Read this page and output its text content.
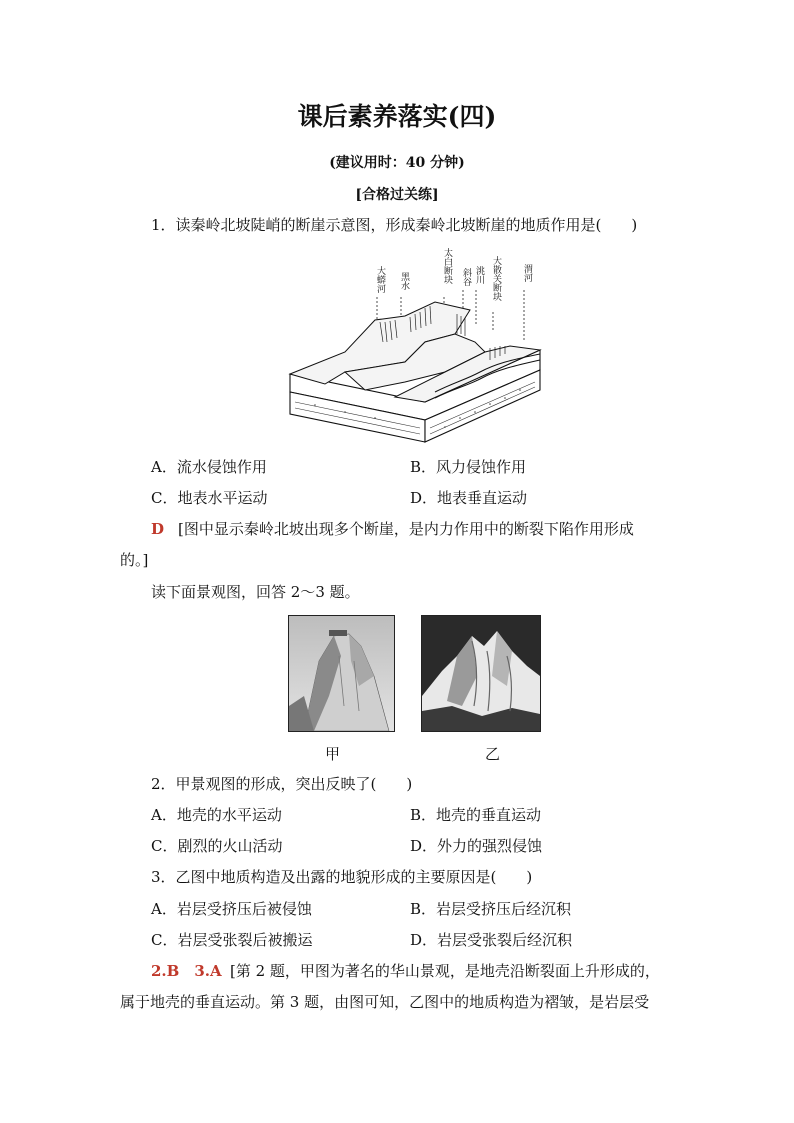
课后素养落实(四)
(建议用时：40 分钟)
[合格过关练]
1．读秦岭北坡陡峭的断崖示意图，形成秦岭北坡断崖的地质作用是(　　)
大蟒河 黑水	太白断块 斜谷 洮川 大散关断块 渭河
A．流水侵蚀作用	B．风力侵蚀作用
C．地表水平运动	D．地表垂直运动
D [图中显示秦岭北坡出现多个断崖，是内力作用中的断裂下陷作用形成
的。]
读下面景观图，回答 2～3 题。
甲	乙
2．甲景观图的形成，突出反映了(　　)
A．地壳的水平运动	B．地壳的垂直运动
C．剧烈的火山活动	D．外力的强烈侵蚀
3．乙图中地质构造及出露的地貌形成的主要原因是(　　)
A．岩层受挤压后被侵蚀	B．岩层受挤压后经沉积
C．岩层受张裂后被搬运	D．岩层受张裂后经沉积
2.B　3.A [第 2 题，甲图为著名的华山景观，是地壳沿断裂面上升形成的，
属于地壳的垂直运动。第 3 题，由图可知，乙图中的地质构造为褶皱，是岩层受
